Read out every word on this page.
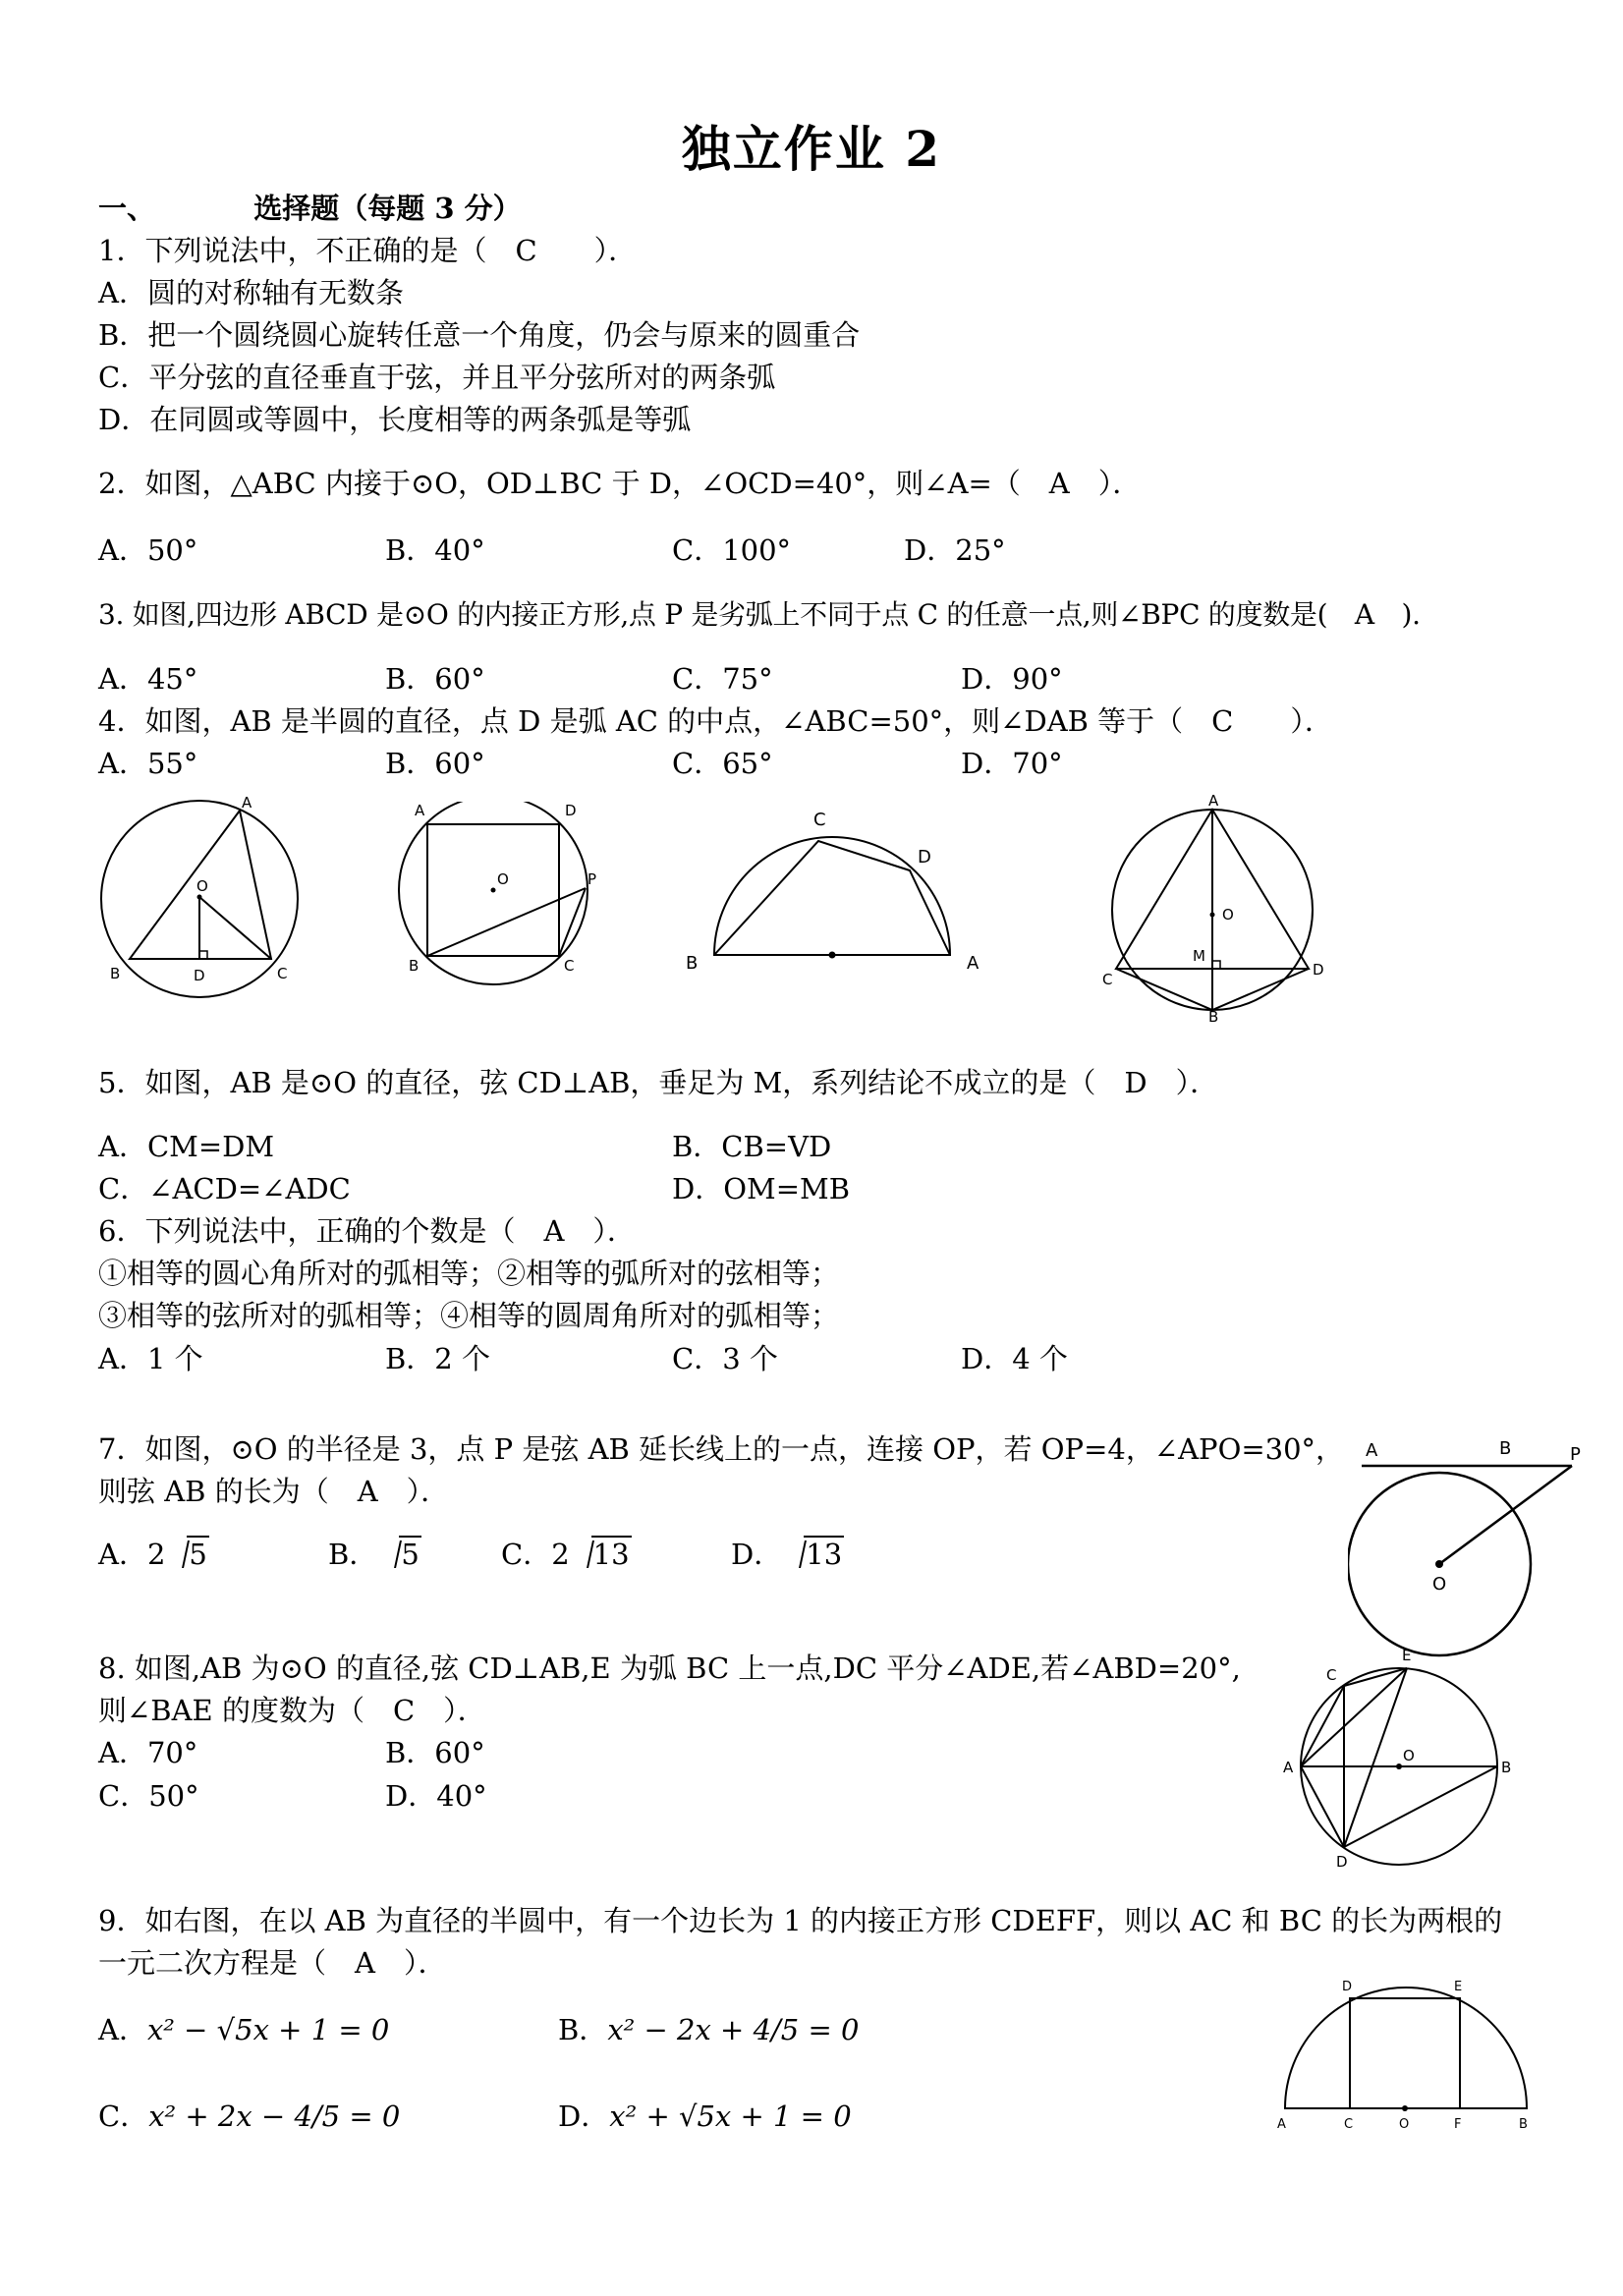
独立作业 2
一、	选择题（每题 3 分）
1．下列说法中，不正确的是（　C　　）．
A．圆的对称轴有无数条
B．把一个圆绕圆心旋转任意一个角度，仍会与原来的圆重合
C．平分弦的直径垂直于弦，并且平分弦所对的两条弧
D．在同圆或等圆中，长度相等的两条弧是等弧
2．如图，△ABC 内接于⊙O，OD⊥BC 于 D，∠OCD=40°，则∠A=（　A　）．
A．50°	B．40°	C．100°	D．25°
3. 如图,四边形 ABCD 是⊙O 的内接正方形,点 P 是劣弧上不同于点 C 的任意一点,则∠BPC 的度数是(　A　).
A．45°	B．60°	C．75°	D．90°
4．如图，AB 是半圆的直径，点 D 是弧 AC 的中点，∠ABC=50°，则∠DAB 等于（　C　　）．
A．55°	B．60°	C．65°	D．70°
A
O
B	D	C
A	D
O	P
B	C
C
D
B	A
A
O
C
M
D
B
5．如图，AB 是⊙O 的直径，弦 CD⊥AB，垂足为 M，系列结论不成立的是（　D　）．
A．CM=DM	B．CB=VD
C．∠ACD=∠ADC	D．OM=MB
6．下列说法中，正确的个数是（　A　）．
①相等的圆心角所对的弧相等；②相等的弧所对的弦相等；
③相等的弦所对的弧相等；④相等的圆周角所对的弧相等；
A．1 个	B．2 个	C．3 个	D．4 个
7．如图，⊙O 的半径是 3，点 P 是弦 AB 延长线上的一点，连接 OP，若 OP=4，∠APO=30°，
则弦 AB 的长为（　A　）．
A．2 5	B． 5	C．2 13	D． 13
A	B	P
O
8. 如图,AB 为⊙O 的直径,弦 CD⊥AB,E 为弧 BC 上一点,DC 平分∠ADE,若∠ABD=20°,
则∠BAE 的度数为（　C　）．
A．70°	B．60°
C．50°	D．40°
E
C
O
A	B
D
9．如右图，在以 AB 为直径的半圆中，有一个边长为 1 的内接正方形 CDEFF，则以 AC 和 BC 的长为两根的
一元二次方程是（　A　）．
A．x² − √5x + 1 = 0	B．x² − 2x + 4/5 = 0
C．x² + 2x − 4/5 = 0	D．x² + √5x + 1 = 0
D	E
A	C	O	F	B
